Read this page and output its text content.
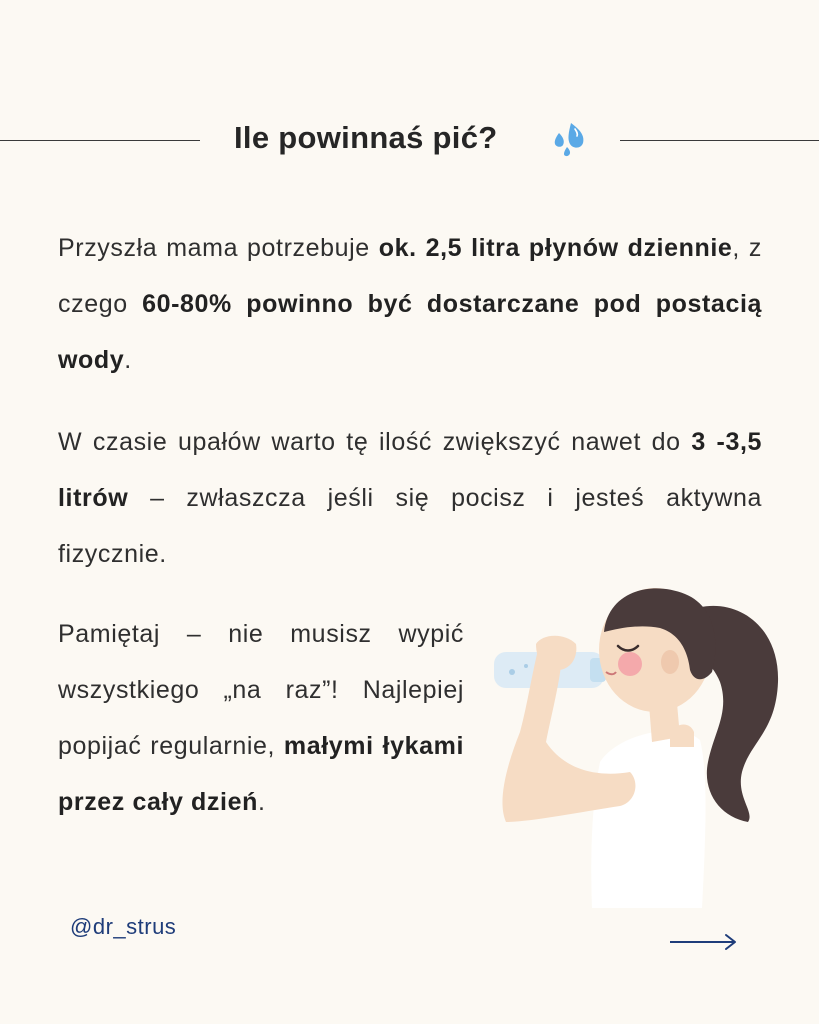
Ile powinnaś pić?
Przyszła mama potrzebuje ok. 2,5 litra płynów dziennie, z czego 60-80% powinno być dostarczane pod postacią wody.
W czasie upałów warto tę ilość zwiększyć nawet do 3 -3,5 litrów – zwłaszcza jeśli się pocisz i jesteś aktywna fizycznie.
Pamiętaj – nie musisz wypić wszystkiego „na raz”! Najlepiej popijać regularnie, małymi łykami przez cały dzień.
@dr_strus
